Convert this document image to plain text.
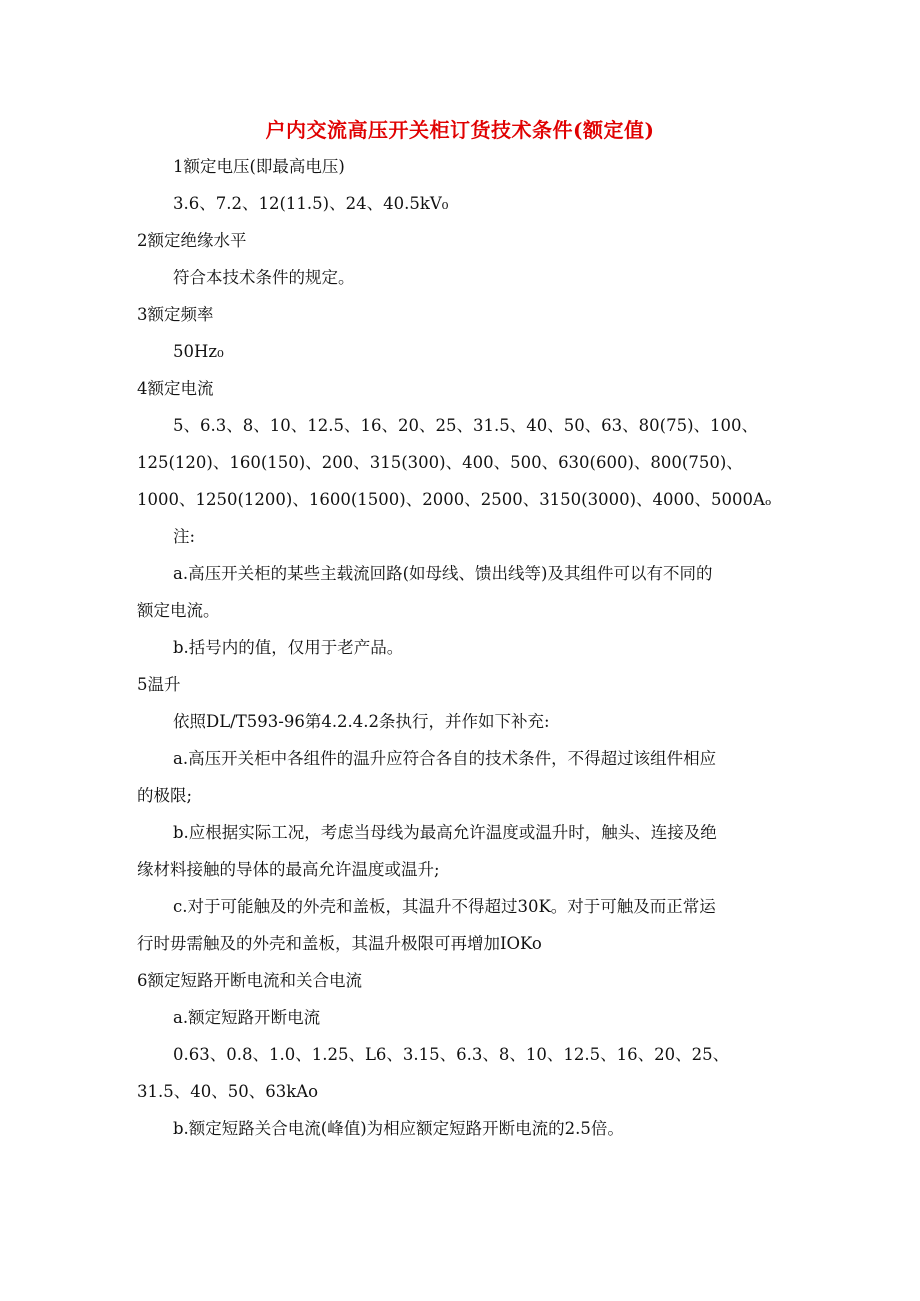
户内交流高压开关柜订货技术条件(额定值)
1额定电压(即最高电压)
3.6、7.2、12(11.5)、24、40.5kV₀
2额定绝缘水平
符合本技术条件的规定。
3额定频率
50Hz₀
4额定电流
5、6.3、8、10、12.5、16、20、25、31.5、40、50、63、80(75)、100、
125(120)、160(150)、200、315(300)、400、500、630(600)、800(750)、
1000、1250(1200)、1600(1500)、2000、2500、3150(3000)、4000、5000Aₒ
注:
a.高压开关柜的某些主载流回路(如母线、馈出线等)及其组件可以有不同的
额定电流。
b.括号内的值，仅用于老产品。
5温升
依照DL/T593-96第4.2.4.2条执行，并作如下补充:
a.高压开关柜中各组件的温升应符合各自的技术条件，不得超过该组件相应
的极限;
b.应根据实际工况，考虑当母线为最高允许温度或温升时，触头、连接及绝
缘材料接触的导体的最高允许温度或温升;
c.对于可能触及的外壳和盖板，其温升不得超过30K。对于可触及而正常运
行时毋需触及的外壳和盖板，其温升极限可再增加IOKo
6额定短路开断电流和关合电流
a.额定短路开断电流
0.63、0.8、1.0、1.25、L6、3.15、6.3、8、10、12.5、16、20、25、
31.5、40、50、63kAo
b.额定短路关合电流(峰值)为相应额定短路开断电流的2.5倍。
